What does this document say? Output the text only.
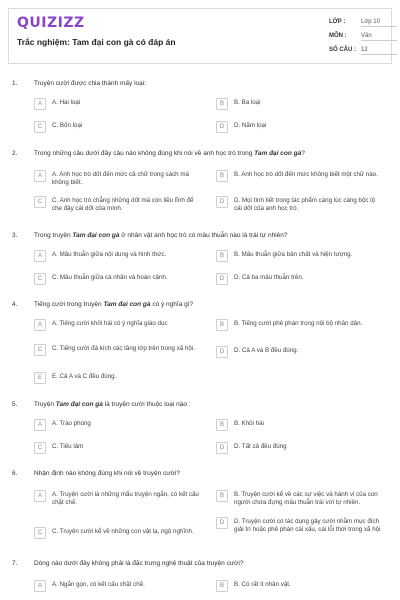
QUIZIZZ
Trắc nghiệm: Tam đại con gà có đáp án
LỚP :	Lớp 10
MÔN : Văn
SỐ CÂU : 12
1.	Truyện cười được chia thành mấy loại:
A	A. Hai loại	B	B. Ba loại
C	C. Bốn loại	D	D. Năm loại
2.	Trong những câu dưới đây câu nào không đúng khi nói về anh học trò trong Tam đại con gà?
A	A. Anh học trò dốt đến mức cả chữ trong sách mà không biết.
B	B. Anh học trò dốt đến mức không biết một chữ nào.
C	C. Anh học trò chẳng những dốt mà còn liều lĩnh để che đậy cái dốt của mình.
D	D. Mọi tình tiết trong tác phẩm càng lúc càng bộc lộ cái dốt của anh học trò.
3.	Trong truyện Tam đại con gà ở nhân vật anh học trò có mâu thuẫn nào là trái tự nhiên?
A	A. Mâu thuẫn giữa nội dung và hình thức.	B	B. Mâu thuẫn giữa bản chất và hiện tượng.
C	C. Mâu thuẫn giữa cá nhân và hoàn cảnh.	D	D. Cả ba mâu thuẫn trên.
4.	Tiếng cười trong truyện Tam đại con gà có ý nghĩa gì?
A	A. Tiếng cười khôi hài có ý nghĩa giáo dục	B	B. Tiếng cười phê phán trong nội bộ nhân dân.
C	C. Tiếng cười đả kích các tầng lớp trên trong xã hội.	D	D. Cả A và B đều đúng.
E	E. Cả A và C đều đúng.
5.	Truyện Tam đại con gà là truyện cười thuộc loại nào :
A	A. Trào phúng	B	B. Khôi hài
C	C. Tiếu lâm	D	D. Tất cả đều đúng
6.	Nhận định nào không đúng khi nói về truyện cười?
A	A. Truyện cười là những mẩu truyện ngắn, có kết cấu chặt chẽ.
B	B. Truyện cười kể về các sự việc và hành vi của con người chứa đựng mâu thuẫn trái với tự nhiên.
C	C. Truyện cười kể về những con vật lạ, ngộ nghĩnh.
D	D. Truyện cười có tác dụng gây cười nhằm mục đích giải trí hoặc phê phán cái xấu, cái lỗi thời trong xã hội
7.	Dòng nào dưới đây không phải là đặc trưng nghệ thuật của truyện cười?
A	A. Ngắn gọn, có kết cấu chặt chẽ.	B	B. Có rất ít nhân vật.
